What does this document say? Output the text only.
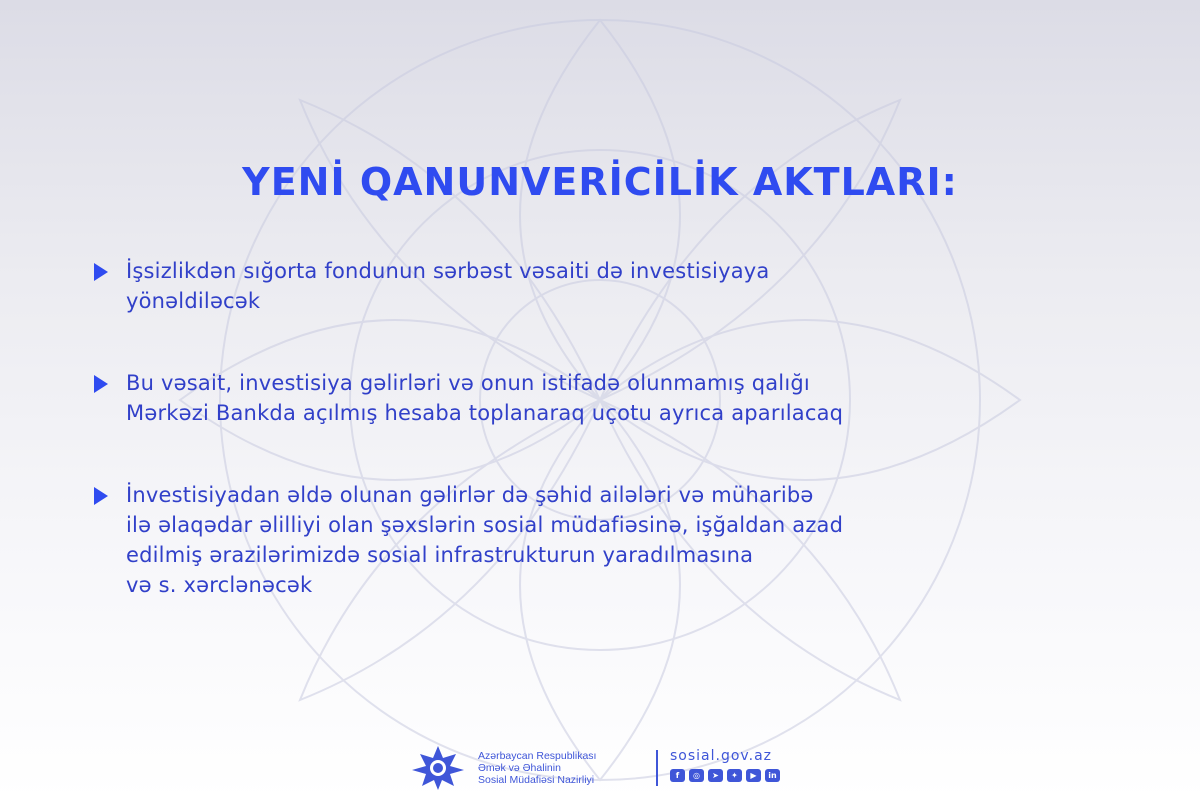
YENİ QANUNVERİCİLİK AKTLARI:
İşsizlikdən sığorta fondunun sərbəst vəsaiti də investisiyaya
yönəldiləcək
Bu vəsait, investisiya gəlirləri və onun istifadə olunmamış qalığı
Mərkəzi Bankda açılmış hesaba toplanaraq uçotu ayrıca aparılacaq
İnvestisiyadan əldə olunan gəlirlər də şəhid ailələri və müharibə
ilə əlaqədar əlilliyi olan şəxslərin sosial müdafiəsinə, işğaldan azad
edilmiş ərazilərimizdə sosial infrastrukturun yaradılmasına
və s. xərclənəcək
Azərbaycan Respublikası
Əmək və Əhalinin
Sosial Müdafiəsi Nazirliyi
sosial.gov.az
f	◎	➤	✦	▶	in
